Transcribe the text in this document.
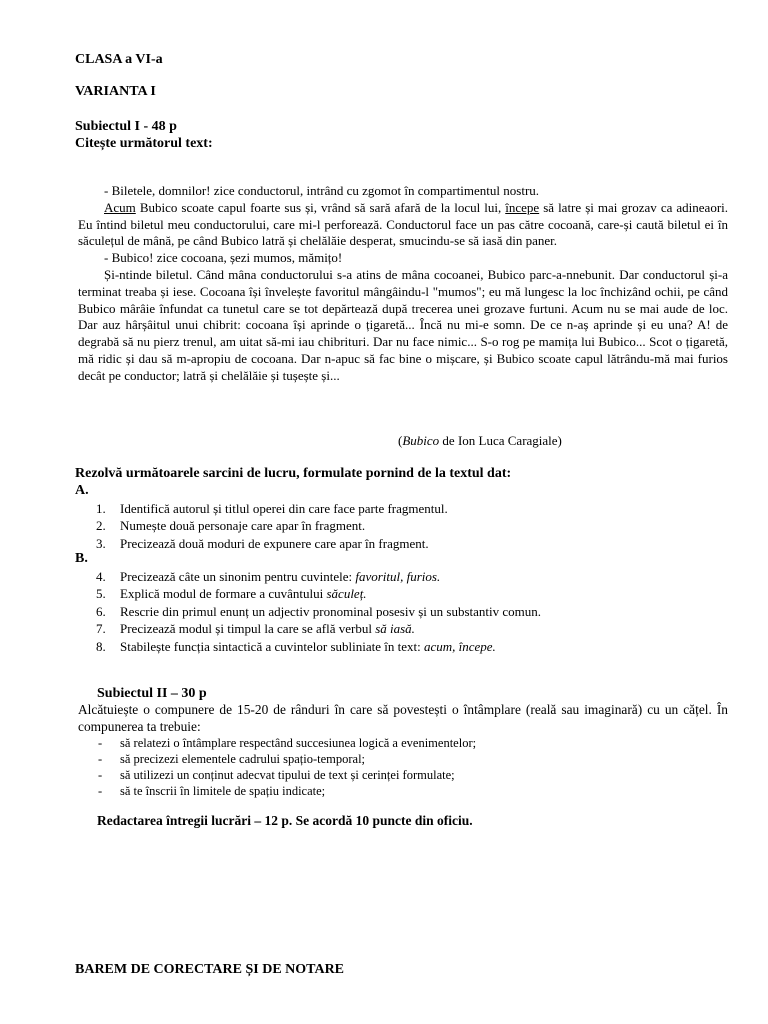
CLASA a VI-a
VARIANTA I
Subiectul I - 48 p
Citește următorul text:

- Biletele, domnilor! zice conductorul, intrând cu zgomot în compartimentul nostru.

Acum Bubico scoate capul foarte sus și, vrând să sară afară de la locul lui, începe să latre și mai grozav ca adineaori. Eu întind biletul meu conductorului, care mi-l perforează. Conductorul face un pas către cocoană, care-și caută biletul ei în săculețul de mână, pe când Bubico latră și chelălăie desperat, smucindu-se să iasă din paner.

- Bubico! zice cocoana, șezi mumos, mămițo!

Și-ntinde biletul. Când mâna conductorului s-a atins de mâna cocoanei, Bubico parc-a-nnebunit. Dar conductorul și-a terminat treaba și iese. Cocoana își învelește favoritul mângâindu-l "mumos"; eu mă lungesc la loc închizând ochii, pe când Bubico mârâie înfundat ca tunetul care se tot depărtează după trecerea unei grozave furtuni. Acum nu se mai aude de loc. Dar auz hârșâitul unui chibrit: cocoana își aprinde o țigaretă... Încă nu mi-e somn. De ce n-aș aprinde și eu una? A! de degrabă să nu pierz trenul, am uitat să-mi iau chibrituri. Dar nu face nimic... S-o rog pe mamița lui Bubico... Scot o țigaretă, mă ridic și dau să m-apropiu de cocoana. Dar n-apuc să fac bine o mișcare, și Bubico scoate capul lătrându-mă mai furios decât pe conductor; latră și chelălăie și tușește și...

(Bubico de Ion Luca Caragiale)
Rezolvă următoarele sarcini de lucru, formulate pornind de la textul dat:
A.
1. Identifică autorul și titlul operei din care face parte fragmentul.
2. Numește două personaje care apar în fragment.
3. Precizează două moduri de expunere care apar în fragment.
B.
4. Precizează câte un sinonim pentru cuvintele: favoritul, furios.
5. Explică modul de formare a cuvântului săculeț.
6. Rescrie din primul enunț un adjectiv pronominal posesiv și un substantiv comun.
7. Precizează modul și timpul la care se află verbul să iasă.
8. Stabilește funcția sintactică a cuvintelor subliniate în text: acum, începe.
Subiectul II – 30 p
Alcătuiește o compunere de 15-20 de rânduri în care să povestești o întâmplare (reală sau imaginară) cu un cățel. În compunerea ta trebuie:
- să relatezi o întâmplare respectând succesiunea logică a evenimentelor;
- să precizezi elementele cadrului spațio-temporal;
- să utilizezi un conținut adecvat tipului de text și cerinței formulate;
- să te înscrii în limitele de spațiu indicate;
Redactarea întregii lucrări – 12 p. Se acordă 10 puncte din oficiu.
BAREM DE CORECTARE ȘI DE NOTARE
